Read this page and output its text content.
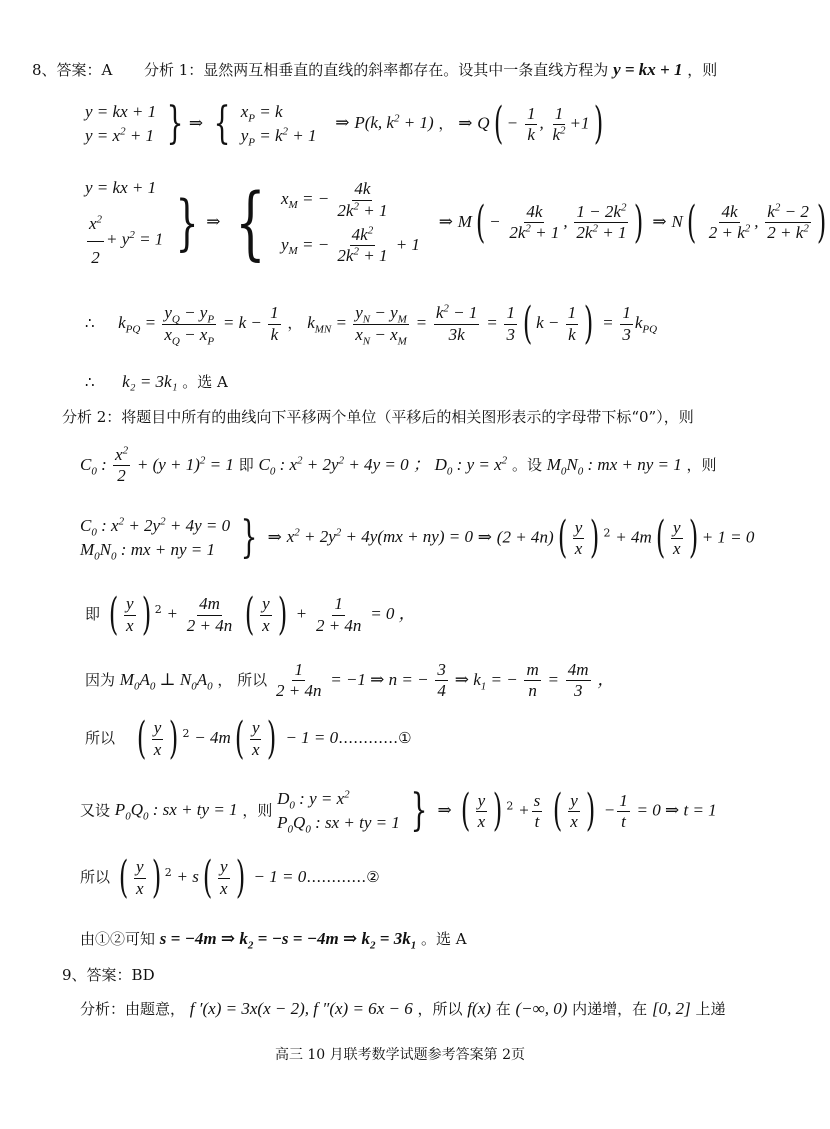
8、答案：A 分析 1：显然两互相垂直的直线的斜率都存在。设其中一条直线方程为 y = kx + 1 ，则
y = kx + 1
$y = x^2 + 1$ } ⇒ { $x_P = k$
$y_P = k^2 + 1$
⇒ P(k, $k^2 + 1$) ， ⇒ $Q( - \frac{1}{k}$ , $\frac{1}{k^2} +1$)
y = kx + 1
$\frac{x^2}{2} + y^2 = 1$ } ⇒ { $x_M$ = − $\frac{4k}{2k^2 + 1}$
$y_M$ = − $\frac{4k^2}{2k^2 + 1} + 1$
⇒ $M( - \frac{4k}{2k^2 + 1}$ , $\frac{1 - 2k^2}{2k^2 + 1}$ ) ⇒ $N( \frac{4k}{2 + k^2}$ , $\frac{k^2 - 2}{2 + k^2}$ )
∴ $k_{PQ} = \frac{y_Q - y_P}{x_Q - x_P} = k - \frac{1}{k}$ ， $k_{MN} = \frac{y_N - y_M}{x_N - x_M} = \frac{k^2 - 1}{3k} = \frac{1}{3}$ ( $k - \frac{1}{k}$ ) = $\frac{1}{3} k_{PQ}$
∴ k₂ = 3k₁ 。选 A
分析 2：将题目中所有的曲线向下平移两个单位（平移后的相关图形表示的字母带下标“0”），则
$C_0$ : $\frac{x^2}{2} + (y + 1)^2 = 1$ 即 $C_0$ : $x^2 + 2y^2 + 4y = 0$ ； $D_0$ : $y = x^2$ 。设 $M_0N_0$ : mx + ny = 1 ，则
$C_0$ : $x^2 + 2y^2 + 4y = 0$
$M_0N_0$ : mx + ny = 1 } ⇒ $x^2 + 2y^2 + 4y(mx + ny) = 0$ ⇒ $(2 + 4n)( \frac{y}{x}$ ) $^2 + 4m( \frac{y}{x}$ ) + 1 = 0
即 ( $\frac{y}{x}$ ) $^2 + \frac{4m}{2 + 4n}$ ( $\frac{y}{x}$ ) + $\frac{1}{2 + 4n} = 0$ ，
因为 $M_0A_0$ ⊥ $N_0A_0$ ， 所以 $\frac{1}{2 + 4n} = -1$ ⇒ n = − $\frac{3}{4}$ ⇒ $k_1$ = − $\frac{m}{n} = \frac{4m}{3}$ ，
所以 ( $\frac{y}{x}$ ) $^2 - 4m( \frac{y}{x}$ ) − 1 = 0…………①
又设 $P_0Q_0$ : sx + ty = 1 ，则
$D_0$ : $y = x^2$
$P_0Q_0$ : sx + ty = 1 } ⇒ ( $\frac{y}{x}$ ) $^2 + \frac{s}{t}$ ( $\frac{y}{x}$ ) − $\frac{1}{t} = 0$ ⇒ t = 1
所以 ( $\frac{y}{x}$ ) $^2 + s( \frac{y}{x}$ ) − 1 = 0…………②
由①②可知 s = −4m ⇒ $k_2 = -s = -4m$ ⇒ $k_2 = 3k_1$ 。选 A
9、答案：BD
分析：由题意， f ′(x) = 3x(x − 2), f ″(x) = 6x − 6 ，所以 f(x) 在 (−∞, 0) 内递增，在 [0, 2] 上递
高三 10 月联考数学试题参考答案第 2页
